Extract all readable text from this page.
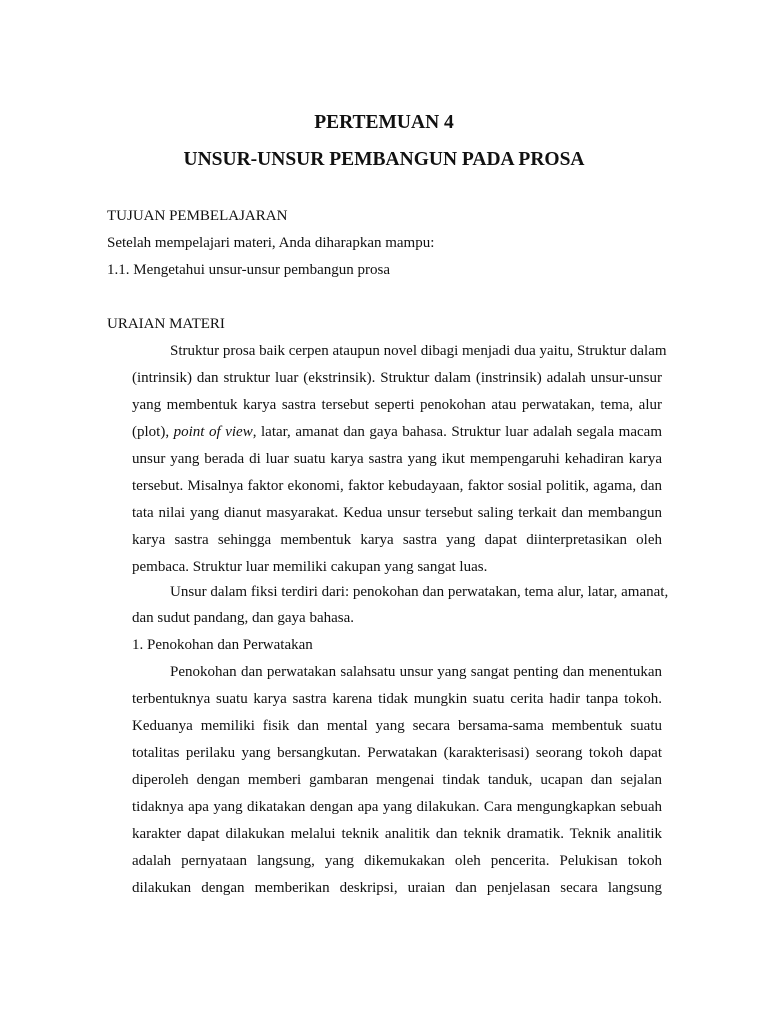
PERTEMUAN 4
UNSUR-UNSUR PEMBANGUN PADA PROSA

TUJUAN PEMBELAJARAN

Setelah mempelajari materi, Anda diharapkan mampu:

1.1. Mengetahui unsur-unsur pembangun prosa

URAIAN MATERI

Struktur prosa baik cerpen ataupun novel dibagi menjadi dua yaitu, Struktur dalam

(intrinsik) dan struktur luar (ekstrinsik). Struktur dalam (instrinsik) adalah unsur-unsur

yang membentuk karya sastra tersebut seperti penokohan atau perwatakan, tema, alur

(plot), point of view, latar, amanat dan gaya bahasa. Struktur luar adalah segala macam

unsur yang berada di luar suatu karya sastra yang ikut mempengaruhi kehadiran karya

tersebut. Misalnya faktor ekonomi, faktor kebudayaan, faktor sosial politik, agama, dan

tata nilai yang dianut masyarakat. Kedua unsur tersebut saling terkait dan membangun

karya sastra sehingga membentuk karya sastra yang dapat diinterpretasikan oleh

pembaca. Struktur luar memiliki cakupan yang sangat luas.

Unsur dalam fiksi terdiri dari: penokohan dan perwatakan, tema alur, latar, amanat,

dan sudut pandang, dan gaya bahasa.

1. Penokohan dan Perwatakan

Penokohan dan perwatakan salahsatu unsur yang sangat penting dan menentukan

terbentuknya suatu karya sastra karena tidak mungkin suatu cerita hadir tanpa tokoh.

Keduanya memiliki fisik dan mental yang secara bersama-sama membentuk suatu

totalitas perilaku yang bersangkutan. Perwatakan (karakterisasi) seorang tokoh dapat

diperoleh dengan memberi gambaran mengenai tindak tanduk, ucapan dan sejalan

tidaknya apa yang dikatakan dengan apa yang dilakukan. Cara mengungkapkan sebuah

karakter dapat dilakukan melalui teknik analitik dan teknik dramatik. Teknik analitik

adalah pernyataan langsung, yang dikemukakan oleh pencerita. Pelukisan tokoh

dilakukan dengan memberikan deskripsi, uraian dan penjelasan secara langsung
